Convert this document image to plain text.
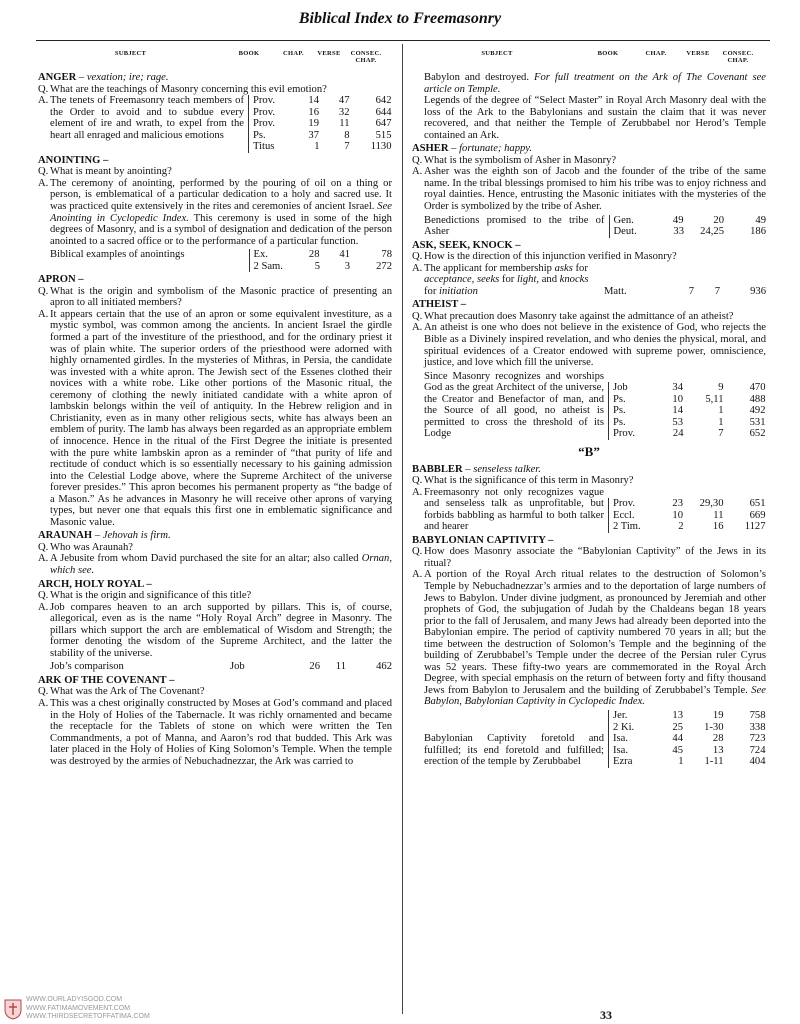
Biblical Index to Freemasonry
SUBJECT	BOOK	CHAP.	VERSE	CONSEC. CHAP.
ANGER – vexation; ire; rage.
Q. What are the teachings of Masonry concerning this evil emotion?
A. The tenets of Freemasonry teach members of the Order to avoid and to subdue every element of ire and wrath, to expel from the heart all enraged and malicious emotions
Prov.	14	47	642
Prov.	16	32	644
Prov.	19	11	647
Ps.	37	8	515
Titus	1	7	1130
ANOINTING –
Q. What is meant by anointing?
A. The ceremony of anointing, performed by the pouring of oil on a thing or person, is emblematical of a particular dedication to a holy and sacred use. It was practiced quite extensively in the rites and ceremonies of ancient Israel. See Anointing in Cyclopedic Index. This ceremony is used in some of the high degrees of Masonry, and is a symbol of designation and dedication of the person anointed to a sacred office or to the performance of a particular function.
Biblical examples of anointings	Ex.	28	41	78
2 Sam.	5	3	272
APRON –
Q. What is the origin and symbolism of the Masonic practice of presenting an apron to all initiated members?
A. It appears certain that the use of an apron or some equivalent investiture, as a mystic symbol, was common among the ancients. In ancient Israel the girdle formed a part of the investiture of the priesthood, and for the ordinary priest it was of plain white. The superior orders of the priesthood were adorned with highly ornamented girdles. In the mysteries of Mithras, in Persia, the candidate was invested with a white apron. The Jewish sect of the Essenes clothed their novices with a white robe. Like other portions of the Masonic ritual, the ceremony of clothing the newly initiated candidate with a white apron of lambskin belongs within the veil of antiquity. In the Hebrew religion and in Christianity, even as in many other religious sects, white has always been an emblem of purity. The lamb has always been regarded as an appropriate emblem of innocence. Hence in the ritual of the First Degree the initiate is presented with the pure white lambskin apron as a reminder of “that purity of life and rectitude of conduct which is so essentially necessary to his gaining admission into the Celestial Lodge above, where the Supreme Architect of the universe forever presides.” This apron becomes his permanent property as “the badge of a Mason.” As he advances in Masonry he will receive other aprons of varying types, but never one that equals this first one in emblematic significance and Masonic value.
ARAUNAH – Jehovah is firm.
Q. Who was Araunah?
A. A Jebusite from whom David purchased the site for an altar; also called Ornan, which see.
ARCH, HOLY ROYAL –
Q. What is the origin and significance of this title?
A. Job compares heaven to an arch supported by pillars. This is, of course, allegorical, even as is the name “Holy Royal Arch” degree in Masonry. The pillars which support the arch are emblematical of Wisdom and Strength; the former denoting the wisdom of the Supreme Architect, and the latter the stability of the universe.
Job’s comparison	Job	26	11	462
ARK OF THE COVENANT –
Q. What was the Ark of The Covenant?
A. This was a chest originally constructed by Moses at God’s command and placed in the Holy of Holies of the Tabernacle. It was richly ornamented and became the receptacle for the Tablets of stone on which were written the Ten Commandments, a pot of Manna, and Aaron’s rod that budded. This Ark was later placed in the Holy of Holies of King Solomon’s Temple. When the temple was destroyed by the armies of Nebuchadnezzar, the Ark was carried to
SUBJECT	BOOK	CHAP.	VERSE	CONSEC. CHAP.
Babylon and destroyed. For full treatment on the Ark of The Covenant see article on Temple.
Legends of the degree of “Select Master” in Royal Arch Masonry deal with the loss of the Ark to the Babylonians and sustain the claim that it was never recovered, and that neither the Temple of Zerubbabel nor Herod’s Temple contained an Ark.
ASHER – fortunate; happy.
Q. What is the symbolism of Asher in Masonry?
A. Asher was the eighth son of Jacob and the founder of the tribe of the same name. In the tribal blessings promised to him his tribe was to enjoy richness and royal dainties. Hence, entrusting the Masonic initiates with the mysteries of the Order is symbolized by the tribe of Asher.
Benedictions promised to the tribe of Asher
Gen.	49	20	49
Deut.	33	24,25	186
ASK, SEEK, KNOCK –
Q. How is the direction of this injunction verified in Masonry?
A. The applicant for membership asks for acceptance, seeks for light, and knocks for initiation	Matt.	7	7	936
ATHEIST –
Q. What precaution does Masonry take against the admittance of an atheist?
A. An atheist is one who does not believe in the existence of God, who rejects the Bible as a Divinely inspired revelation, and who denies the physical, moral, and spiritual evidences of a Creator endowed with supreme power, omniscience, justice, and love which fill the universe.
Since Masonry recognizes and worships God as the great Architect of the universe, the Creator and Benefactor of man, and the Source of all good, no atheist is permitted to cross the threshold of its Lodge
Job	34	9	470
Ps.	10	5,11	488
Ps.	14	1	492
Ps.	53	1	531
Prov.	24	7	652
“B”
BABBLER – senseless talker.
Q. What is the significance of this term in Masonry?
A. Freemasonry not only recognizes vague and senseless talk as unprofitable, but forbids babbling as harmful to both talker and hearer
Prov.	23	29,30	651
Eccl.	10	11	669
2 Tim.	2	16	1127
BABYLONIAN CAPTIVITY –
Q. How does Masonry associate the “Babylonian Captivity” of the Jews in its ritual?
A. A portion of the Royal Arch ritual relates to the destruction of Solomon’s Temple by Nebuchadnezzar’s armies and to the deportation of large numbers of Jews to Babylon. Under divine judgment, as pronounced by Jeremiah and other prophets of God, the subjugation of Judah by the Chaldeans began 18 years prior to the fall of Jerusalem, and many Jews had already been deported into the Babylonian empire. The period of captivity numbered 70 years in all; but the time between the destruction of Solomon’s Temple and the beginning of the building of Zerubbabel’s Temple under the decree of the Persian ruler Cyrus was 52 years. These fifty-two years are commemorated in the Royal Arch Degree, with special emphasis on the return of between forty and fifty thousand Jews from Babylon to Jerusalem and the building of Zerubbabel’s Temple. See Babylon, Babylonian Captivity in Cyclopedic Index.
Babylonian Captivity foretold and fulfilled; its end foretold and fulfilled; erection of the temple by Zerubbabel
Jer.	13	19	758
2 Ki.	25	1-30	338
Isa.	44	28	723
Isa.	45	13	724
Ezra	1	1-11	404
33
WWW.OURLADYISGOD.COM
WWW.FATIMAMOVEMENT.COM
WWW.THIRDSECRETOFFATIMA.COM
